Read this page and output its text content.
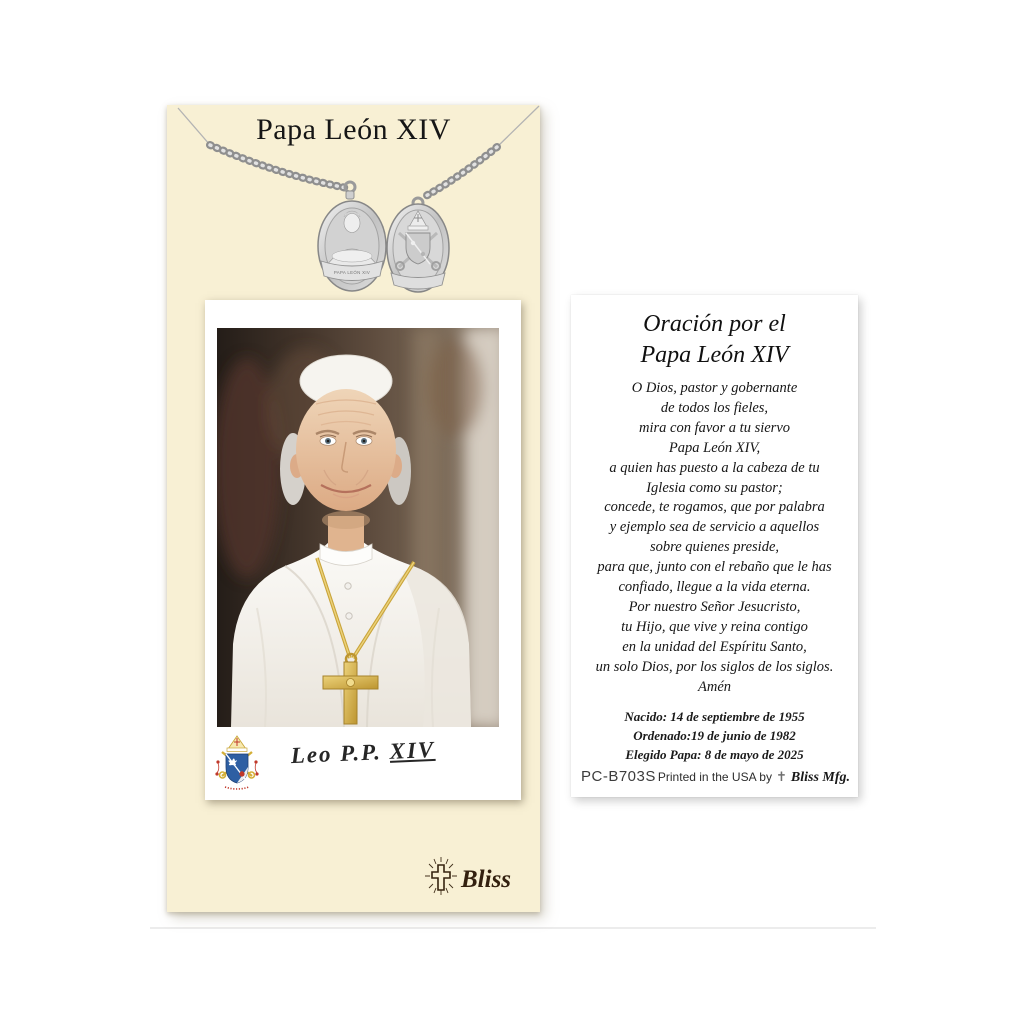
Papa León XIV
PAPA LEÓN XIV
Bliss
Leo P.P. XIV
Oración por el
Papa León XIV
O Dios, pastor y gobernante
de todos los fieles,
mira con favor a tu siervo
Papa León XIV,
a quien has puesto a la cabeza de tu
Iglesia como su pastor;
concede, te rogamos, que por palabra
y ejemplo sea de servicio a aquellos
sobre quienes preside,
para que, junto con el rebaño que le has
confiado, llegue a la vida eterna.
Por nuestro Señor Jesucristo,
tu Hijo, que vive y reina contigo
en la unidad del Espíritu Santo,
un solo Dios, por los siglos de los siglos.
Amén
Nacido: 14 de septiembre de 1955
Ordenado:19 de junio de 1982
Elegido Papa: 8 de mayo de 2025
PC-B703S Printed in the USA by ✝ Bliss Mfg.
